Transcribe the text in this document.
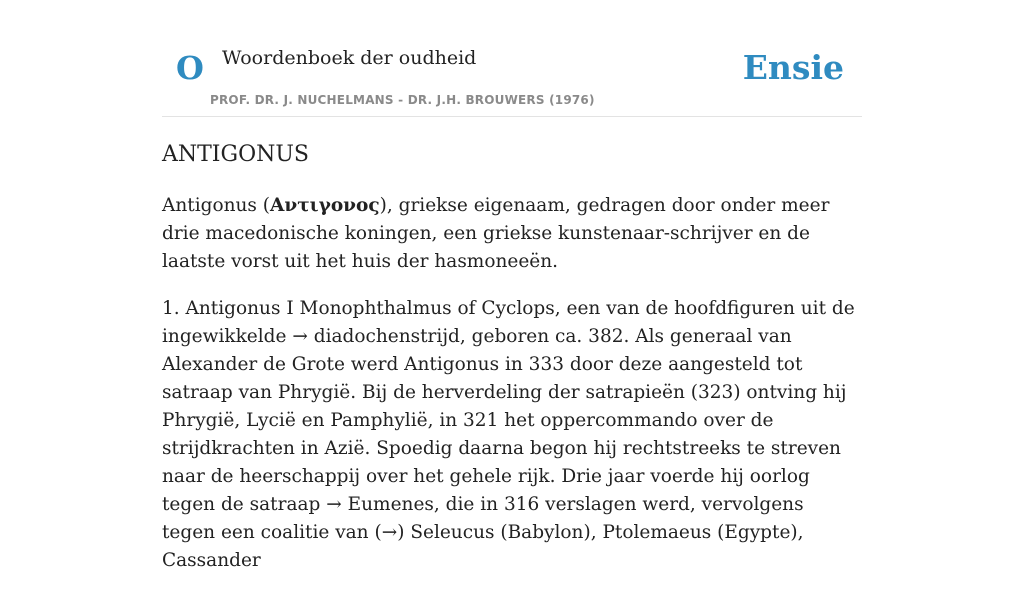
O Woordenboek der oudheid
PROF. DR. J. NUCHELMANS - DR. J.H. BROUWERS (1976)
Ensie
ANTIGONUS

Antigonus (Αντιγονος), griekse eigenaam, gedragen door onder meer drie macedonische koningen, een griekse kunstenaar-schrijver en de laatste vorst uit het huis der hasmoneeën.

1. Antigonus I Monophthalmus of Cyclops, een van de hoofdfiguren uit de ingewikkelde → diadochenstrijd, geboren ca. 382. Als generaal van Alexander de Grote werd Antigonus in 333 door deze aangesteld tot satraap van Phrygië. Bij de herverdeling der satrapieën (323) ontving hij Phrygië, Lycië en Pamphylië, in 321 het oppercommando over de strijdkrachten in Azië. Spoedig daarna begon hij rechtstreeks te streven naar de heerschappij over het gehele rijk. Drie jaar voerde hij oorlog tegen de satraap → Eumenes, die in 316 verslagen werd, vervolgens tegen een coalitie van (→) Seleucus (Babylon), Ptolemaeus (Egypte), Cassander
